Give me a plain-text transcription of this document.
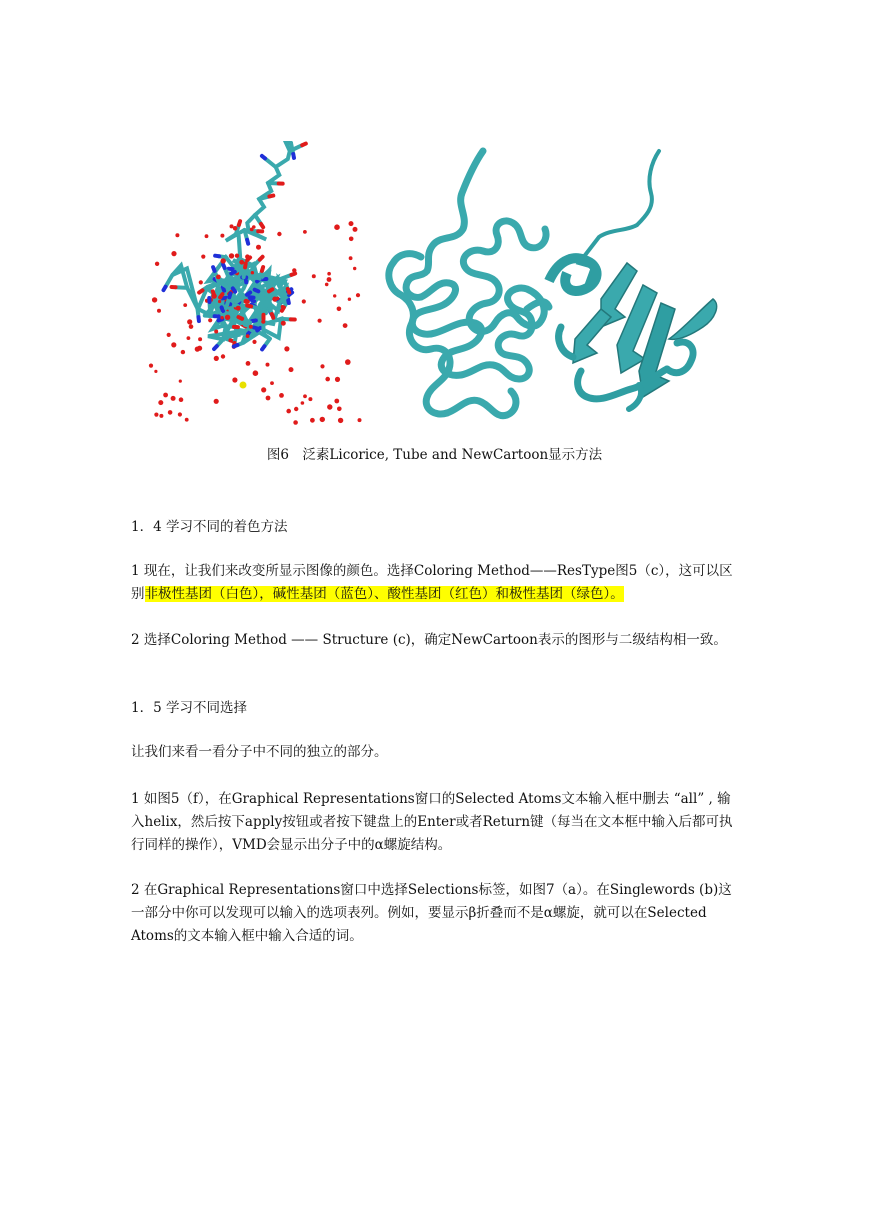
图6　泛素Licorice, Tube and NewCartoon显示方法
1．4 学习不同的着色方法
1 现在，让我们来改变所显示图像的颜色。选择Coloring Method——ResType图5（c），这可以区别非极性基团（白色），碱性基团（蓝色）、酸性基团（红色）和极性基团（绿色）。
2 选择Coloring Method —— Structure (c)，确定NewCartoon表示的图形与二级结构相一致。
1．5 学习不同选择
让我们来看一看分子中不同的独立的部分。
1 如图5（f），在Graphical Representations窗口的Selected Atoms文本输入框中删去 “all” , 输入helix，然后按下apply按钮或者按下键盘上的Enter或者Return键（每当在文本框中输入后都可执行同样的操作），VMD会显示出分子中的α螺旋结构。
2 在Graphical Representations窗口中选择Selections标签，如图7（a）。在Singlewords (b)这一部分中你可以发现可以输入的选项表列。例如，要显示β折叠而不是α螺旋，就可以在Selected Atoms的文本输入框中输入合适的词。
